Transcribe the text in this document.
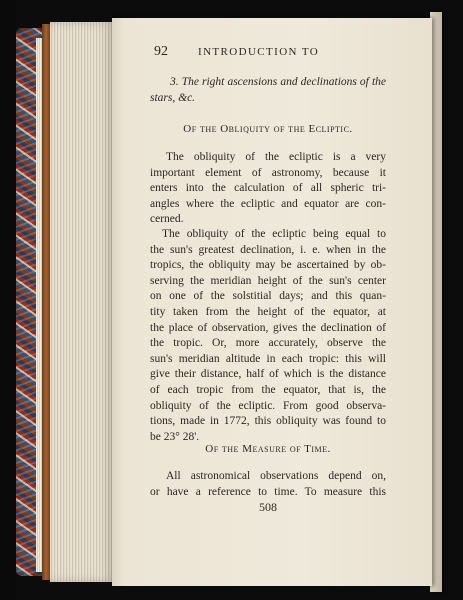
92	INTRODUCTION TO
3. The right ascensions and declinations of the
stars, &c.
Of the Obliquity of the Ecliptic.
The obliquity of the ecliptic is a very
important element of astronomy, because it
enters into the calculation of all spheric tri-
angles where the ecliptic and equator are con-
cerned.
The obliquity of the ecliptic being equal to
the sun's greatest declination, i. e. when in the
tropics, the obliquity may be ascertained by ob-
serving the meridian height of the sun's center
on one of the solstitial days; and this quan-
tity taken from the height of the equator, at
the place of observation, gives the declination of
the tropic. Or, more accurately, observe the
sun's meridian altitude in each tropic: this will
give their distance, half of which is the distance
of each tropic from the equator, that is, the
obliquity of the ecliptic. From good observa-
tions, made in 1772, this obliquity was found to
be 23° 28'.
Of the Measure of Time.
All astronomical observations depend on,
or have a reference to time. To measure this
508
